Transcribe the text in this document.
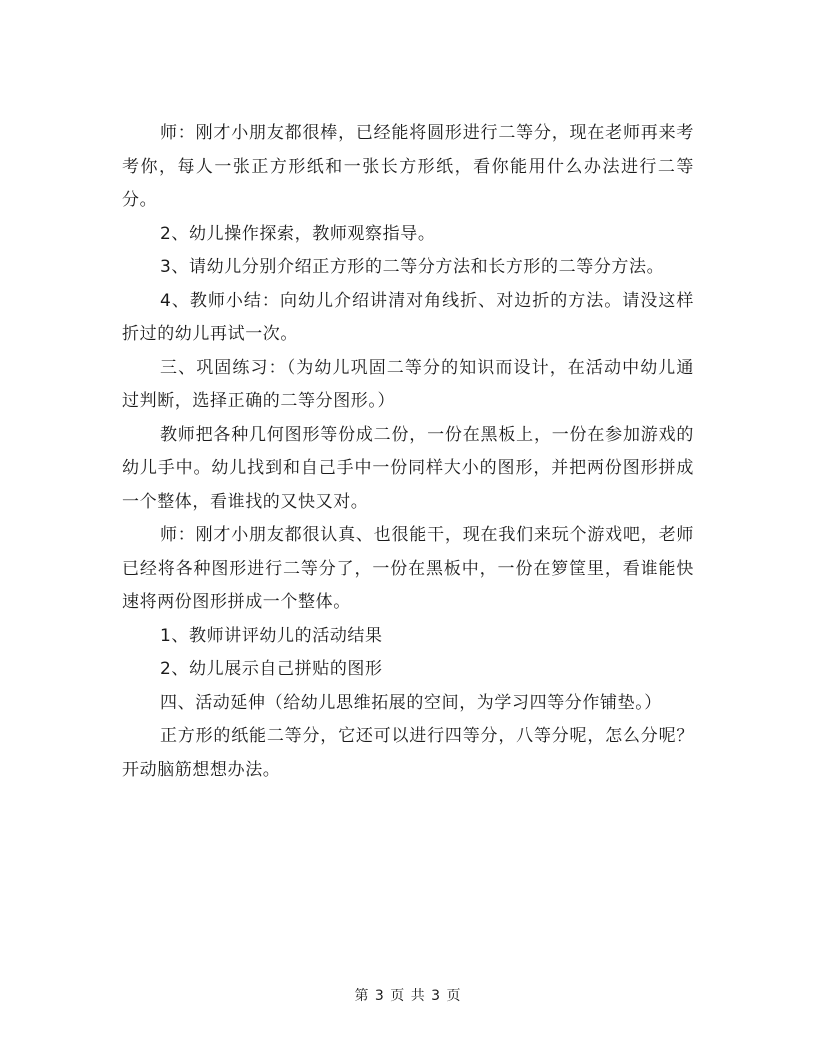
师：刚才小朋友都很棒，已经能将圆形进行二等分，现在老师再来考考你，每人一张正方形纸和一张长方形纸，看你能用什么办法进行二等分。

2、幼儿操作探索，教师观察指导。

3、请幼儿分别介绍正方形的二等分方法和长方形的二等分方法。

4、教师小结：向幼儿介绍讲清对角线折、对边折的方法。请没这样折过的幼儿再试一次。

三、巩固练习：（为幼儿巩固二等分的知识而设计，在活动中幼儿通过判断，选择正确的二等分图形。）

教师把各种几何图形等份成二份，一份在黑板上，一份在参加游戏的幼儿手中。幼儿找到和自己手中一份同样大小的图形，并把两份图形拼成一个整体，看谁找的又快又对。

师：刚才小朋友都很认真、也很能干，现在我们来玩个游戏吧，老师已经将各种图形进行二等分了，一份在黑板中，一份在箩筐里，看谁能快速将两份图形拼成一个整体。

1、教师讲评幼儿的活动结果

2、幼儿展示自己拼贴的图形

四、活动延伸（给幼儿思维拓展的空间，为学习四等分作铺垫。）

正方形的纸能二等分，它还可以进行四等分，八等分呢，怎么分呢？开动脑筋想想办法。

第 3 页 共 3 页
